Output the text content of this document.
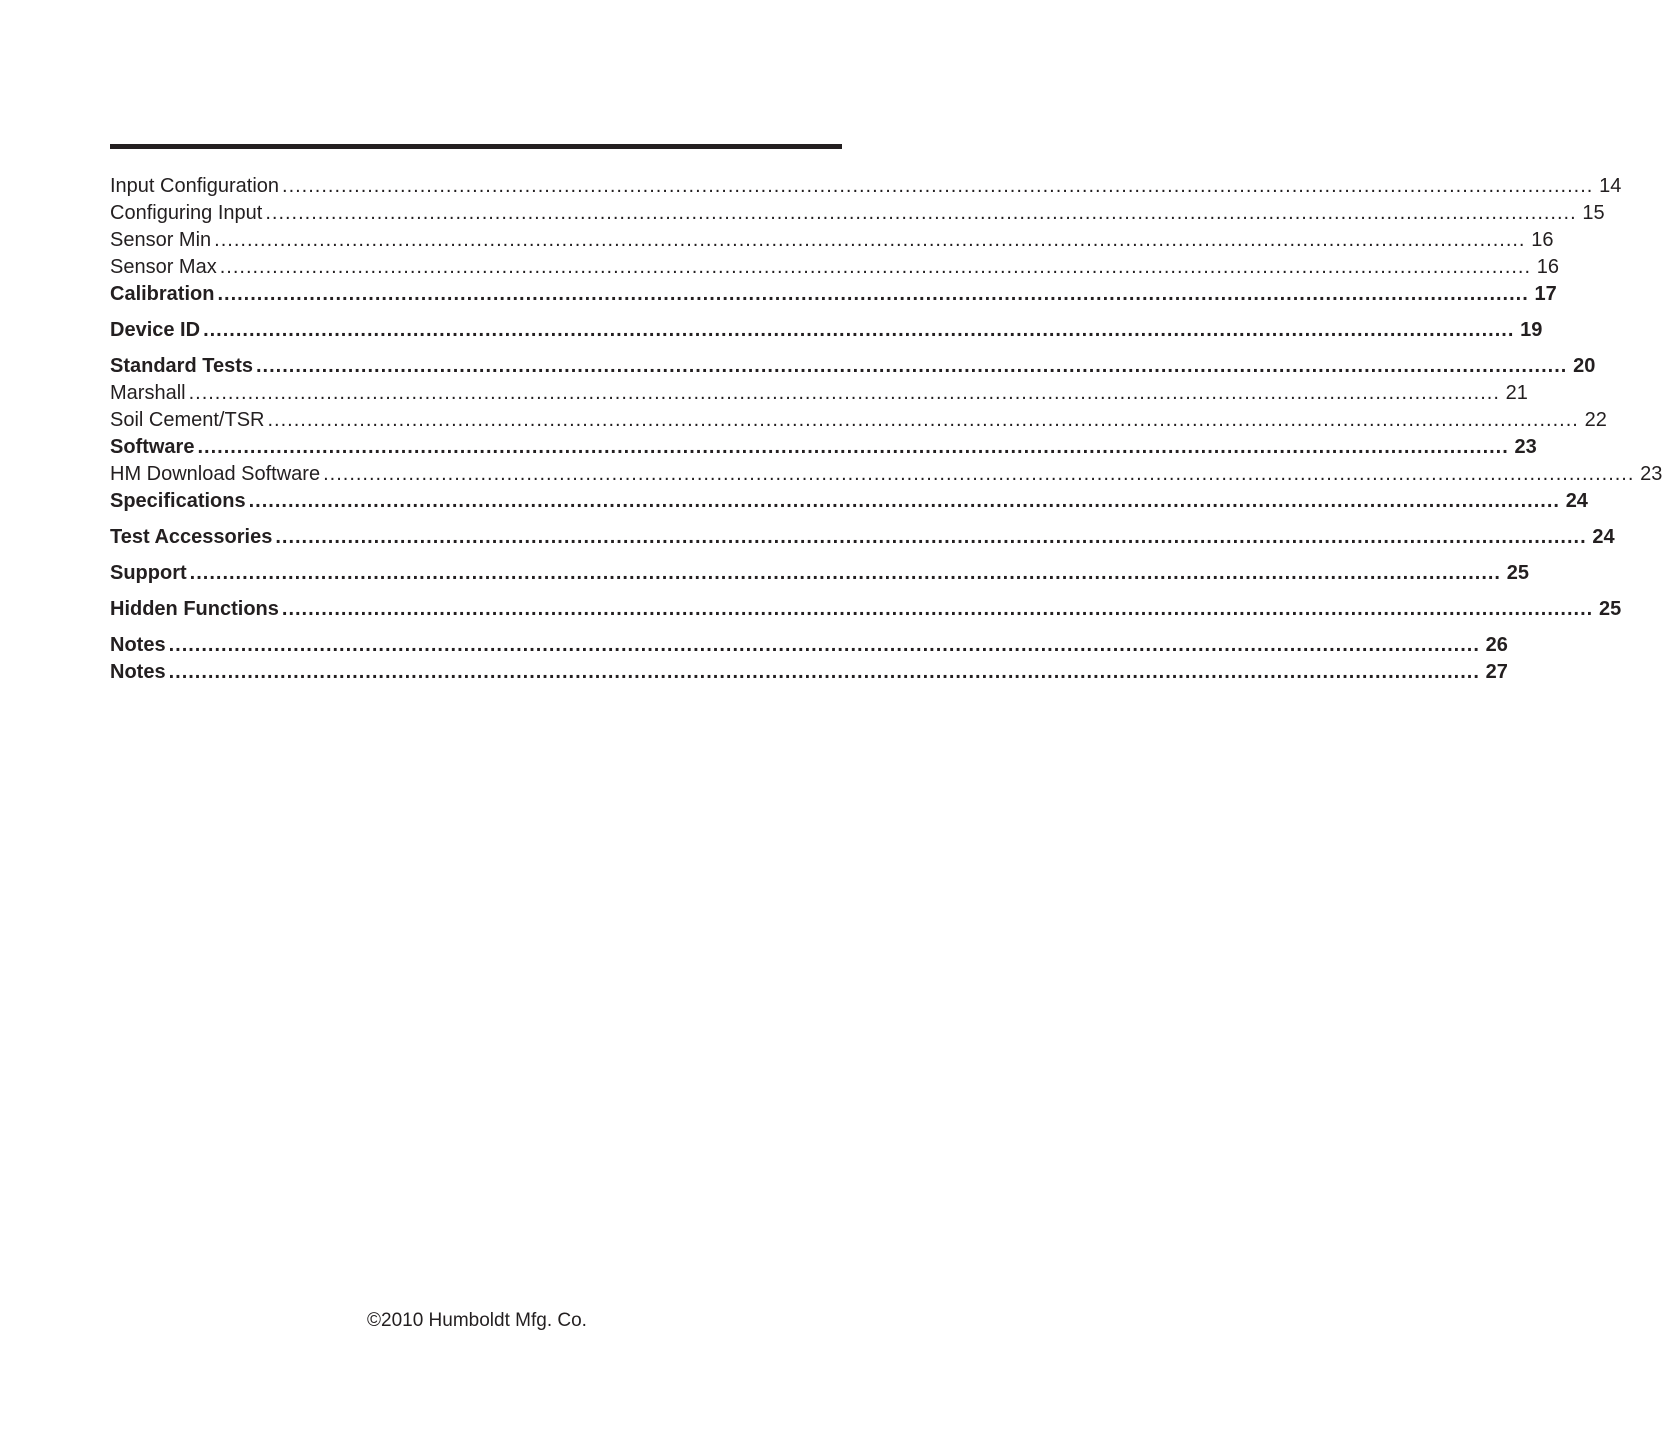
Input Configuration ........................................................................................................................................................................................................ 14
Configuring Input ........................................................................................................................................................................................................ 15
Sensor Min ........................................................................................................................................................................................................ 16
Sensor Max ........................................................................................................................................................................................................ 16
Calibration ........................................................................................................................................................................................................ 17
Device ID ........................................................................................................................................................................................................ 19
Standard Tests ........................................................................................................................................................................................................ 20
Marshall ........................................................................................................................................................................................................ 21
Soil Cement/TSR ........................................................................................................................................................................................................ 22
Software ........................................................................................................................................................................................................ 23
HM Download Software ........................................................................................................................................................................................................ 23
Specifications ........................................................................................................................................................................................................ 24
Test Accessories ........................................................................................................................................................................................................ 24
Support ........................................................................................................................................................................................................ 25
Hidden Functions ........................................................................................................................................................................................................ 25
Notes ........................................................................................................................................................................................................ 26
Notes ........................................................................................................................................................................................................ 27
©2010 Humboldt Mfg. Co.
